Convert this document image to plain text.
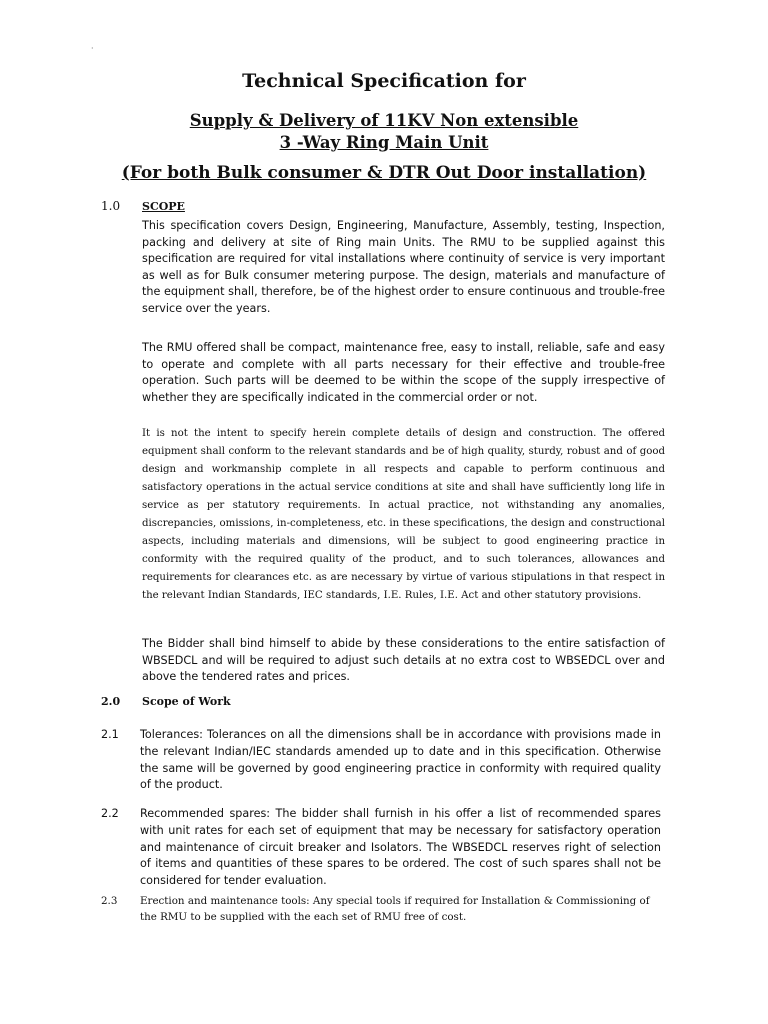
·
Technical Specification for
Supply & Delivery of 11KV Non extensible
3 -Way Ring Main Unit
(For both Bulk consumer & DTR Out Door installation)
1.0 SCOPE

This specification covers Design, Engineering, Manufacture, Assembly, testing, Inspection, packing and delivery at site of Ring main Units. The RMU to be supplied against this specification are required for vital installations where continuity of service is very important as well as for Bulk consumer metering purpose. The design, materials and manufacture of the equipment shall, therefore, be of the highest order to ensure continuous and trouble-free service over the years.

The RMU offered shall be compact, maintenance free, easy to install, reliable, safe and easy to operate and complete with all parts necessary for their effective and trouble-free operation. Such parts will be deemed to be within the scope of the supply irrespective of whether they are specifically indicated in the commercial order or not.

It is not the intent to specify herein complete details of design and construction. The offered equipment shall conform to the relevant standards and be of high quality, sturdy, robust and of good design and workmanship complete in all respects and capable to perform continuous and satisfactory operations in the actual service conditions at site and shall have sufficiently long life in service as per statutory requirements. In actual practice, not withstanding any anomalies, discrepancies, omissions, in-completeness, etc. in these specifications, the design and constructional aspects, including materials and dimensions, will be subject to good engineering practice in conformity with the required quality of the product, and to such tolerances, allowances and requirements for clearances etc. as are necessary by virtue of various stipulations in that respect in the relevant Indian Standards, IEC standards, I.E. Rules, I.E. Act and other statutory provisions.

The Bidder shall bind himself to abide by these considerations to the entire satisfaction of WBSEDCL and will be required to adjust such details at no extra cost to WBSEDCL over and above the tendered rates and prices.

2.0 Scope of Work
2.1 Tolerances: Tolerances on all the dimensions shall be in accordance with provisions made in the relevant Indian/IEC standards amended up to date and in this specification. Otherwise the same will be governed by good engineering practice in conformity with required quality of the product.
2.2 Recommended spares: The bidder shall furnish in his offer a list of recommended spares with unit rates for each set of equipment that may be necessary for satisfactory operation and maintenance of circuit breaker and Isolators. The WBSEDCL reserves right of selection of items and quantities of these spares to be ordered. The cost of such spares shall not be considered for tender evaluation.
2.3 Erection and maintenance tools: Any special tools if required for Installation & Commissioning of the RMU to be supplied with the each set of RMU free of cost.
